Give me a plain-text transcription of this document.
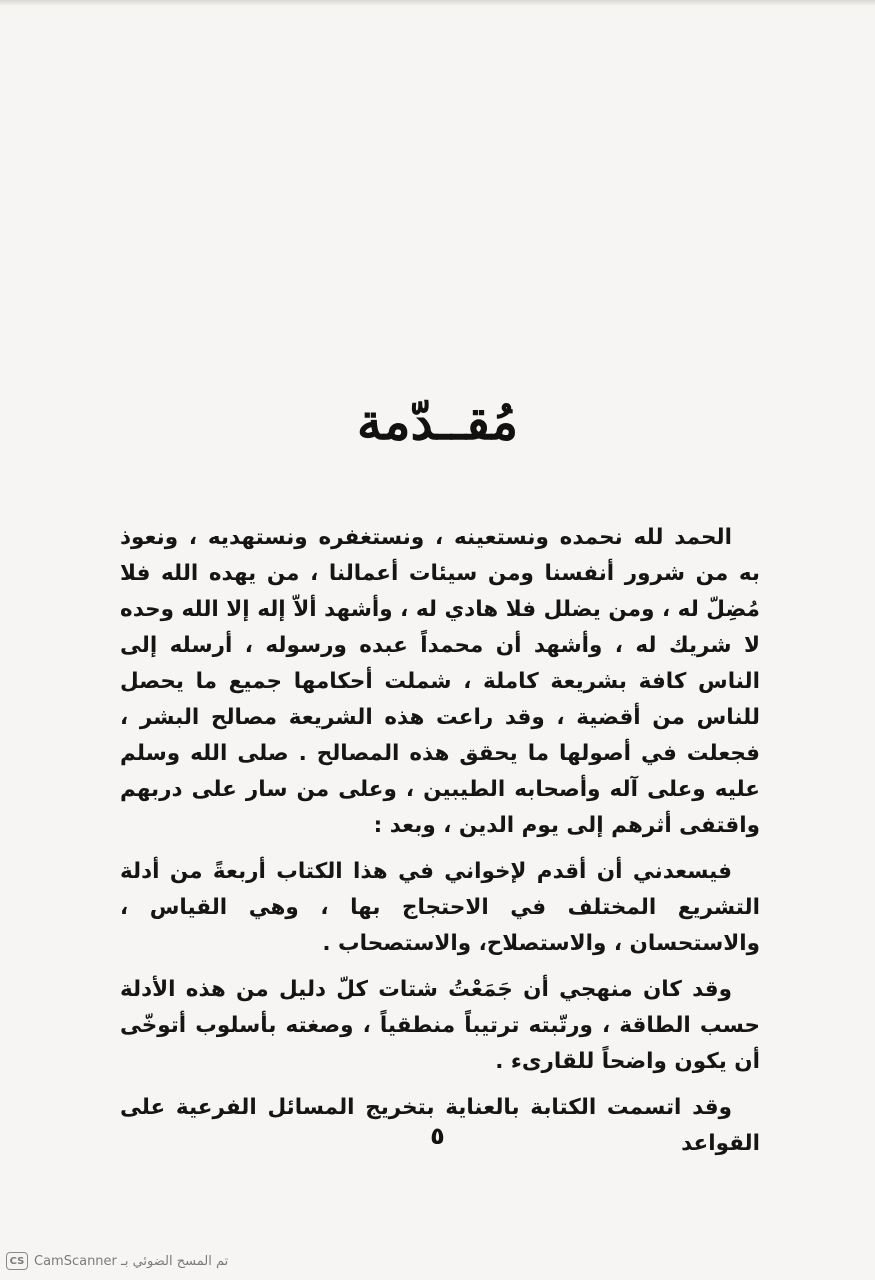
مُقــدّمة

الحمد لله نحمده ونستعينه ، ونستغفره ونستهديه ، ونعوذ به من شرور أنفسنا ومن سيئات أعمالنا ، من يهده الله فلا مُضِلّ له ، ومن يضلل فلا هادي له ، وأشهد ألاّ إله إلا الله وحده لا شريك له ، وأشهد أن محمداً عبده ورسوله ، أرسله إلى الناس كافة بشريعة كاملة ، شملت أحكامها جميع ما يحصل للناس من أقضية ، وقد راعت هذه الشريعة مصالح البشر ، فجعلت في أصولها ما يحقق هذه المصالح . صلى الله وسلم عليه وعلى آله وأصحابه الطيبين ، وعلى من سار على دربهم واقتفى أثرهم إلى يوم الدين ، وبعد :

فيسعدني أن أقدم لإخواني في هذا الكتاب أربعةً من أدلة التشريع المختلف في الاحتجاج بها ، وهي القياس ، والاستحسان ، والاستصلاح، والاستصحاب .

وقد كان منهجي أن جَمَعْتُ شتات كلّ دليل من هذه الأدلة حسب الطاقة ، ورتّبته ترتيباً منطقياً ، وصغته بأسلوب أتوخّى أن يكون واضحاً للقارىء .

وقد اتسمت الكتابة بالعناية بتخريج المسائل الفرعية على القواعد

٥
CS تم المسح الضوئي بـ CamScanner
